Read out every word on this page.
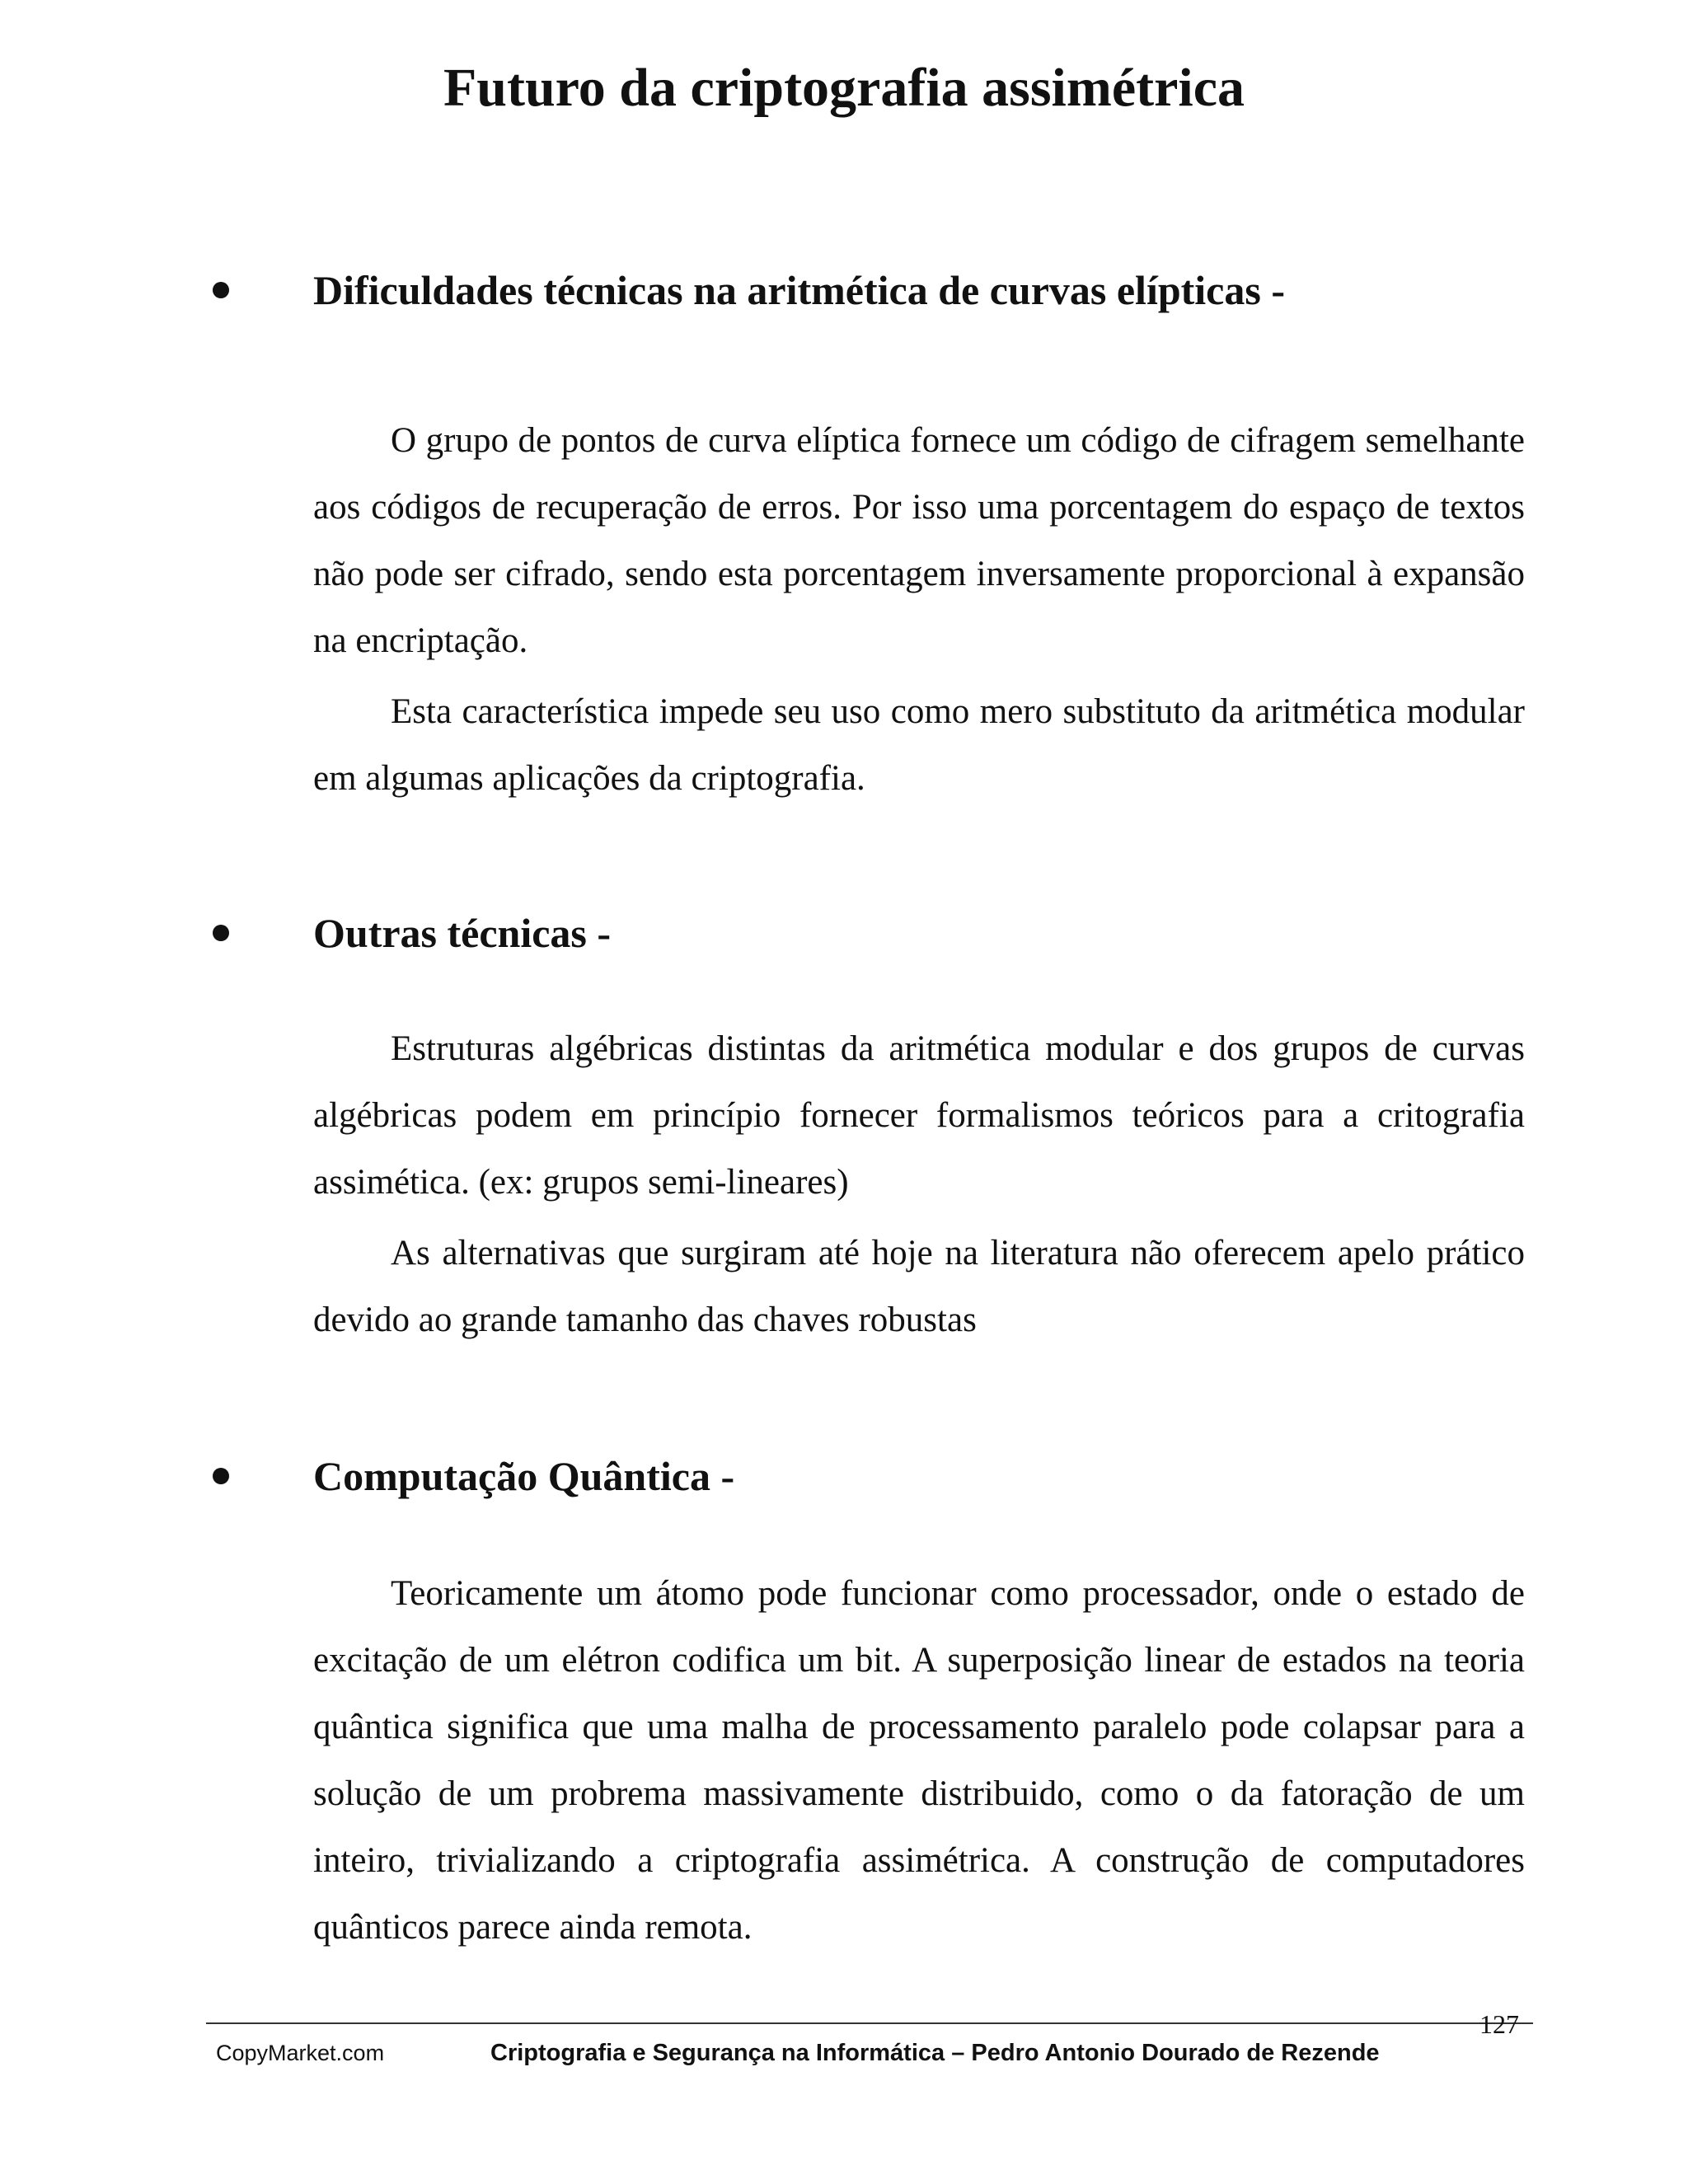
Futuro da criptografia assimétrica
Dificuldades técnicas na aritmética de curvas elípticas -

O grupo de pontos de curva elíptica fornece um código de cifragem semelhante aos códigos de recuperação de erros. Por isso uma porcentagem do espaço de textos não pode ser cifrado, sendo esta porcentagem inversamente proporcional à expansão na encriptação.

Esta característica impede seu uso como mero substituto da aritmética modular em algumas aplicações da criptografia.

Outras técnicas -

Estruturas algébricas distintas da aritmética modular e dos grupos de curvas algébricas podem em princípio fornecer formalismos teóricos para a critografia assimética. (ex: grupos semi-lineares)

As alternativas que surgiram até hoje na literatura não oferecem apelo prático devido ao grande tamanho das chaves robustas

Computação Quântica -

Teoricamente um átomo pode funcionar como processador, onde o estado de excitação de um elétron codifica um bit. A superposição linear de estados na teoria quântica significa que uma malha de processamento paralelo pode colapsar para a solução de um probrema massivamente distribuido, como o da fatoração de um inteiro, trivializando a criptografia assimétrica. A construção de computadores quânticos parece ainda remota.

127
CopyMarket.com	Criptografia e Segurança na Informática – Pedro Antonio Dourado de Rezende
